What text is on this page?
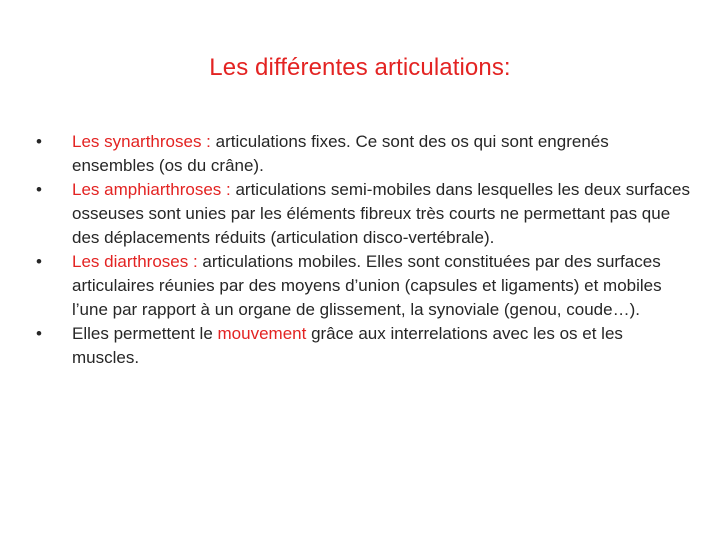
Les différentes articulations:
• Les synarthroses : articulations fixes. Ce sont des os qui sont engrenés ensembles (os du crâne).
• Les amphiarthroses : articulations semi-mobiles dans lesquelles les deux surfaces osseuses sont unies par les éléments fibreux très courts ne permettant pas que des déplacements réduits (articulation disco-vertébrale).
• Les diarthroses : articulations mobiles. Elles sont constituées par des surfaces articulaires réunies par des moyens d’union (capsules et ligaments) et mobiles l’une par rapport à un organe de glissement, la synoviale (genou, coude…).
• Elles permettent le mouvement grâce aux interrelations avec les os et les muscles.
